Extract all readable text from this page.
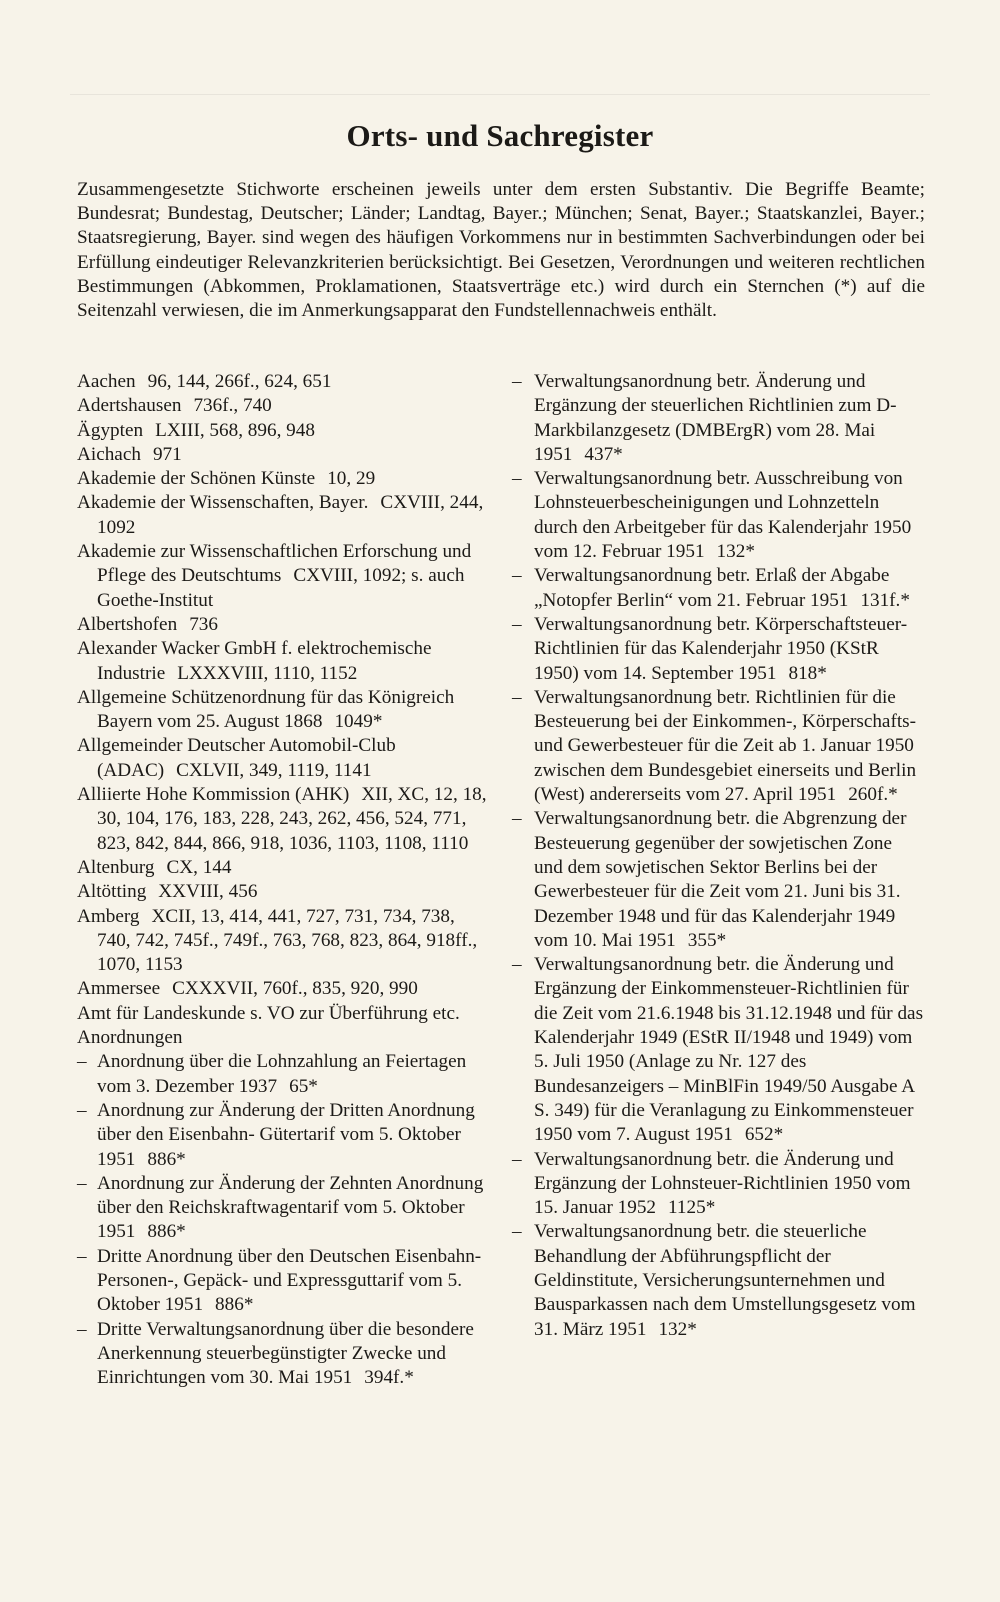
Orts- und Sachregister

Zusammengesetzte Stichworte erscheinen jeweils unter dem ersten Substantiv. Die Begriffe Beamte; Bundesrat; Bundestag, Deutscher; Länder; Landtag, Bayer.; München; Senat, Bayer.; Staatskanzlei, Bayer.; Staatsregierung, Bayer. sind wegen des häufigen Vorkommens nur in bestimmten Sachverbindungen oder bei Erfüllung eindeutiger Relevanzkriterien berücksichtigt. Bei Gesetzen, Verordnungen und weiteren rechtlichen Bestimmungen (Abkommen, Proklamationen, Staatsverträge etc.) wird durch ein Sternchen (*) auf die Seitenzahl verwiesen, die im Anmerkungsapparat den Fundstellennachweis enthält.

Aachen 96, 144, 266f., 624, 651

Adertshausen 736f., 740

Ägypten LXIII, 568, 896, 948

Aichach 971

Akademie der Schönen Künste 10, 29

Akademie der Wissenschaften, Bayer. CXVIII, 244, 1092

Akademie zur Wissenschaftlichen Erforschung und Pflege des Deutschtums CXVIII, 1092; s. auch Goethe-Institut

Albertshofen 736

Alexander Wacker GmbH f. elektrochemische Industrie LXXXVIII, 1110, 1152

Allgemeine Schützenordnung für das Königreich Bayern vom 25. August 1868 1049*

Allgemeinder Deutscher Automobil-Club (ADAC) CXLVII, 349, 1119, 1141

Alliierte Hohe Kommission (AHK) XII, XC, 12, 18, 30, 104, 176, 183, 228, 243, 262, 456, 524, 771, 823, 842, 844, 866, 918, 1036, 1103, 1108, 1110

Altenburg CX, 144

Altötting XXVIII, 456

Amberg XCII, 13, 414, 441, 727, 731, 734, 738, 740, 742, 745f., 749f., 763, 768, 823, 864, 918ff., 1070, 1153

Ammersee CXXXVII, 760f., 835, 920, 990

Amt für Landeskunde s. VO zur Überführung etc.

Anordnungen

– Anordnung über die Lohnzahlung an Feiertagen vom 3. Dezember 1937 65*

– Anordnung zur Änderung der Dritten Anordnung über den Eisenbahn- Gütertarif vom 5. Oktober 1951 886*

– Anordnung zur Änderung der Zehnten Anordnung über den Reichskraftwagentarif vom 5. Oktober 1951 886*

– Dritte Anordnung über den Deutschen Eisenbahn-Personen-, Gepäck- und Expressguttarif vom 5. Oktober 1951 886*

– Dritte Verwaltungsanordnung über die besondere Anerkennung steuerbegünstigter Zwecke und Einrichtungen vom 30. Mai 1951 394f.*

– Verwaltungsanordnung betr. Änderung und Ergänzung der steuerlichen Richtlinien zum D-Markbilanzgesetz (DMBErgR) vom 28. Mai 1951 437*

– Verwaltungsanordnung betr. Ausschreibung von Lohnsteuerbescheinigungen und Lohnzetteln durch den Arbeitgeber für das Kalenderjahr 1950 vom 12. Februar 1951 132*

– Verwaltungsanordnung betr. Erlaß der Abgabe „Notopfer Berlin“ vom 21. Februar 1951 131f.*

– Verwaltungsanordnung betr. Körperschaftsteuer-Richtlinien für das Kalenderjahr 1950 (KStR 1950) vom 14. September 1951 818*

– Verwaltungsanordnung betr. Richtlinien für die Besteuerung bei der Einkommen-, Körperschafts- und Gewerbesteuer für die Zeit ab 1. Januar 1950 zwischen dem Bundesgebiet einerseits und Berlin (West) andererseits vom 27. April 1951 260f.*

– Verwaltungsanordnung betr. die Abgrenzung der Besteuerung gegenüber der sowjetischen Zone und dem sowjetischen Sektor Berlins bei der Gewerbesteuer für die Zeit vom 21. Juni bis 31. Dezember 1948 und für das Kalenderjahr 1949 vom 10. Mai 1951 355*

– Verwaltungsanordnung betr. die Änderung und Ergänzung der Einkommensteuer-Richtlinien für die Zeit vom 21.6.1948 bis 31.12.1948 und für das Kalenderjahr 1949 (EStR II/1948 und 1949) vom 5. Juli 1950 (Anlage zu Nr. 127 des Bundesanzeigers – MinBlFin 1949/50 Ausgabe A S. 349) für die Veranlagung zu Einkommensteuer 1950 vom 7. August 1951 652*

– Verwaltungsanordnung betr. die Änderung und Ergänzung der Lohnsteuer-Richtlinien 1950 vom 15. Januar 1952 1125*

– Verwaltungsanordnung betr. die steuerliche Behandlung der Abführungspflicht der Geldinstitute, Versicherungsunternehmen und Bausparkassen nach dem Umstellungsgesetz vom 31. März 1951 132*
